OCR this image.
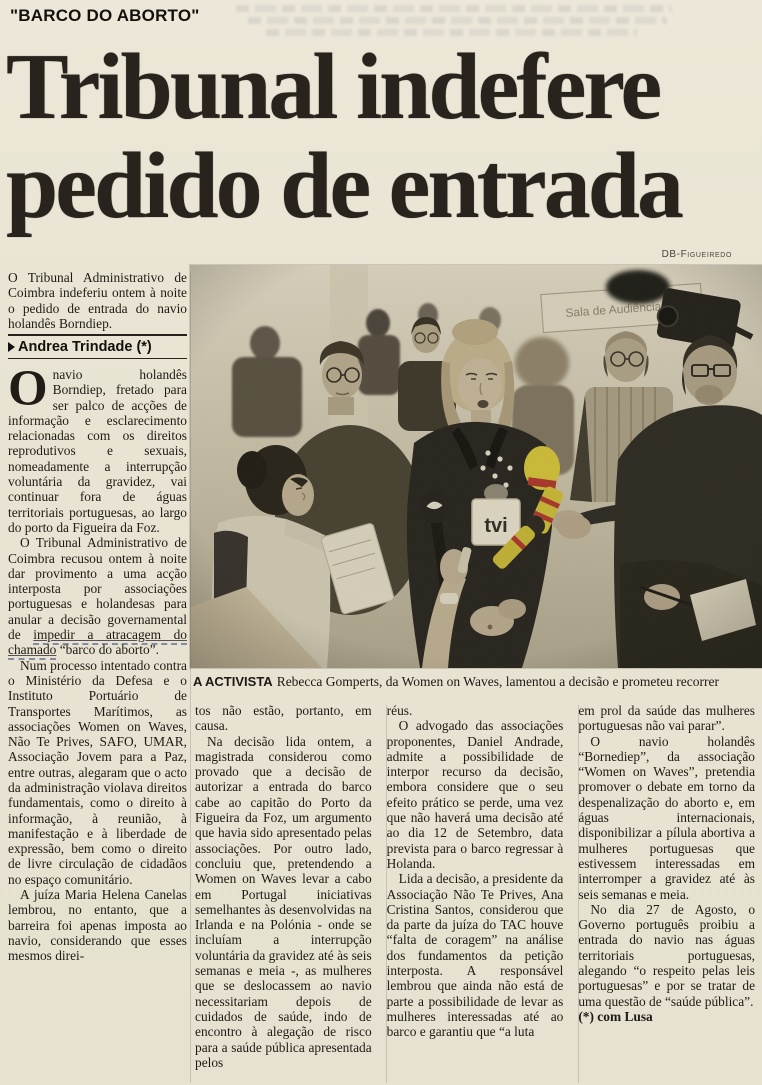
"BARCO DO ABORTO"
Tribunal indefere
pedido de entrada
DB-Figueiredo
A ACTIVISTA Rebecca Gomperts, da Women on Waves, lamentou a decisão e prometeu recorrer

O Tribunal Administrativo de Coimbra indeferiu ontem à noite o pedido de entrada do navio holandês Borndiep.

Andrea Trindade (*)

Onavio holandês Borndiep, fretado para ser palco de acções de informação e esclarecimento relacionadas com os direitos reprodutivos e sexuais, nomeadamente a interrupção voluntária da gravidez, vai continuar fora de águas territoriais portuguesas, ao largo do porto da Figueira da Foz.

O Tribunal Administrativo de Coimbra recusou ontem à noite dar provimento a uma acção interposta por associações portuguesas e holandesas para anular a decisão governamental de impedir a atracagem do chamado “barco do aborto”.

Num processo intentado contra o Ministério da Defesa e o Instituto Portuário de Transportes Marítimos, as associações Women on Waves, Não Te Prives, SAFO, UMAR, Associação Jovem para a Paz, entre outras, alegaram que o acto da administração violava direitos fundamentais, como o direito à informação, à reunião, à manifestação e à liberdade de expressão, bem como o direito de livre circulação de cidadãos no espaço comunitário.

A juíza Maria Helena Canelas lembrou, no entanto, que a barreira foi apenas imposta ao navio, considerando que esses mesmos direi-

tos não estão, portanto, em causa.

Na decisão lida ontem, a magistrada considerou como provado que a decisão de autorizar a entrada do barco cabe ao capitão do Porto da Figueira da Foz, um argumento que havia sido apresentado pelas associações. Por outro lado, concluiu que, pretendendo a Women on Waves levar a cabo em Portugal iniciativas semelhantes às desenvolvidas na Irlanda e na Polónia - onde se incluíam a interrupção voluntária da gravidez até às seis semanas e meia -, as mulheres que se deslocassem ao navio necessitariam depois de cuidados de saúde, indo de encontro à alegação de risco para a saúde pública apresentada pelos

réus.

O advogado das associações proponentes, Daniel Andrade, admite a possibilidade de interpor recurso da decisão, embora considere que o seu efeito prático se perde, uma vez que não haverá uma decisão até ao dia 12 de Setembro, data prevista para o barco regressar à Holanda.

Lida a decisão, a presidente da Associação Não Te Prives, Ana Cristina Santos, considerou que da parte da juíza do TAC houve “falta de coragem” na análise dos fundamentos da petição interposta. A responsável lembrou que ainda não está de parte a possibilidade de levar as mulheres interessadas até ao barco e garantiu que “a luta

em prol da saúde das mulheres portuguesas não vai parar”.

O navio holandês “Bornediep”, da associação “Women on Waves”, pretendia promover o debate em torno da despenalização do aborto e, em águas internacionais, disponibilizar a pílula abortiva a mulheres portuguesas que estivessem interessadas em interromper a gravidez até às seis semanas e meia.

No dia 27 de Agosto, o Governo português proibiu a entrada do navio nas águas territoriais portuguesas, alegando “o respeito pelas leis portuguesas” e por se tratar de uma questão de “saúde pública”.

(*) com Lusa
